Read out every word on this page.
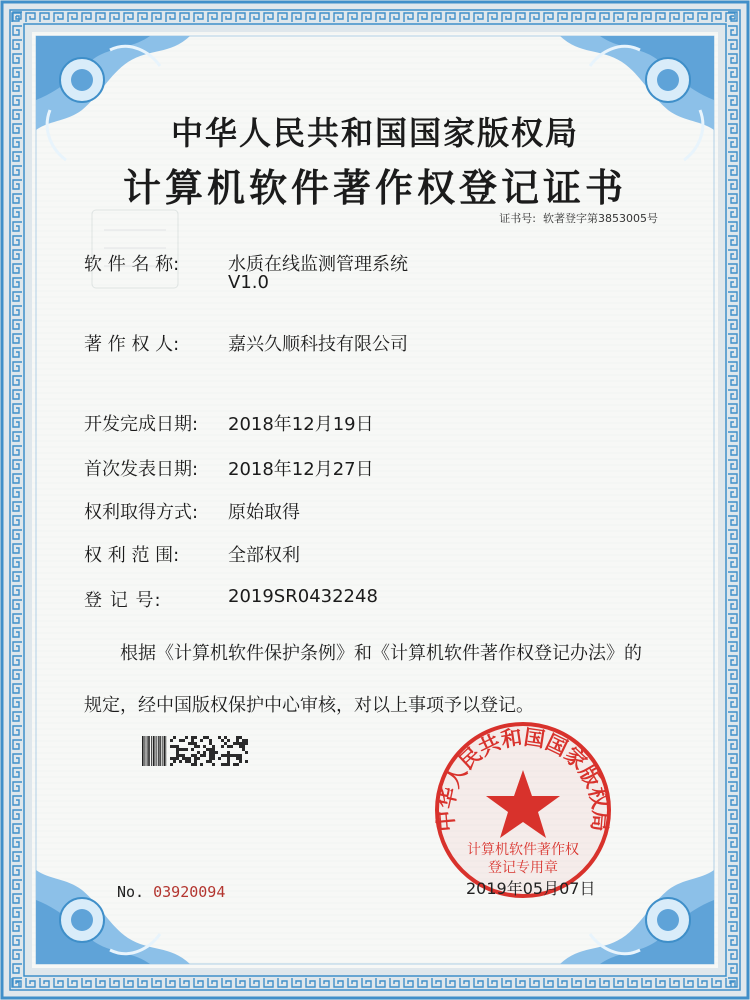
中华人民共和国国家版权局
计算机软件著作权
登记专用章
中华人民共和国国家版权局
计算机软件著作权登记证书
证书号: 软著登字第3853005号
软 件 名 称:	水质在线监测管理系统
V1.0
著 作 权 人:	嘉兴久顺科技有限公司
开发完成日期: 2018年12月19日
首次发表日期: 2018年12月27日
权利取得方式: 原始取得
权 利 范 围:	全部权利
登 记 号:	2019SR0432248
根据《计算机软件保护条例》和《计算机软件著作权登记办法》的
规定，经中国版权保护中心审核，对以上事项予以登记。
No. 03920094	2019年05月07日
